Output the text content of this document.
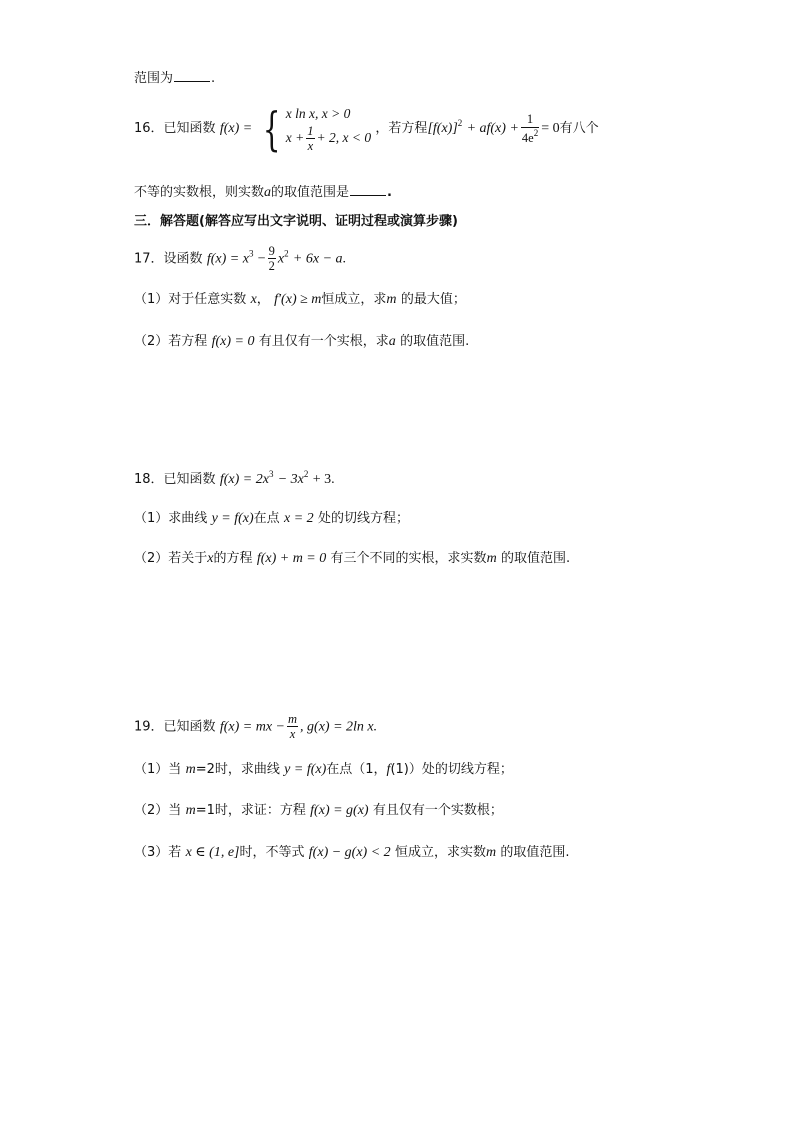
范围为	.
16．已知函数 f(x) = { x ln x, x > 0
$x + \frac{1}{x} + 2$, x < 0
，若方程$[f(x)]^2 + af(x) + \frac{1}{4e^2} = 0$有八个
不等的实数根，则实数a的取值范围是	.
三．解答题(解答应写出文字说明、证明过程或演算步骤)
17．设函数 $f(x) = x^3 - \frac{9}{2} x^2 + 6x - a$.
（1）对于任意实数 x， f′(x) ≥ m恒成立，求m 的最大值；
（2）若方程 f(x) = 0 有且仅有一个实根，求a 的取值范围.
18．已知函数 $f(x) = 2x^3 - 3x^2 + 3$.
（1）求曲线 y = f(x)在点 x = 2 处的切线方程；
（2）若关于x的方程 f(x) + m = 0 有三个不同的实根，求实数m 的取值范围.
19．已知函数 f(x) = mx − $\frac{m}{x}$ , g(x) = 2ln x.
（1）当 m=2时，求曲线 y = f(x)在点（1，f(1)）处的切线方程；
（2）当 m=1时，求证：方程 f(x) = g(x) 有且仅有一个实数根；
（3）若 x ∈ (1, e]时，不等式 f(x) − g(x) < 2 恒成立，求实数m 的取值范围.
